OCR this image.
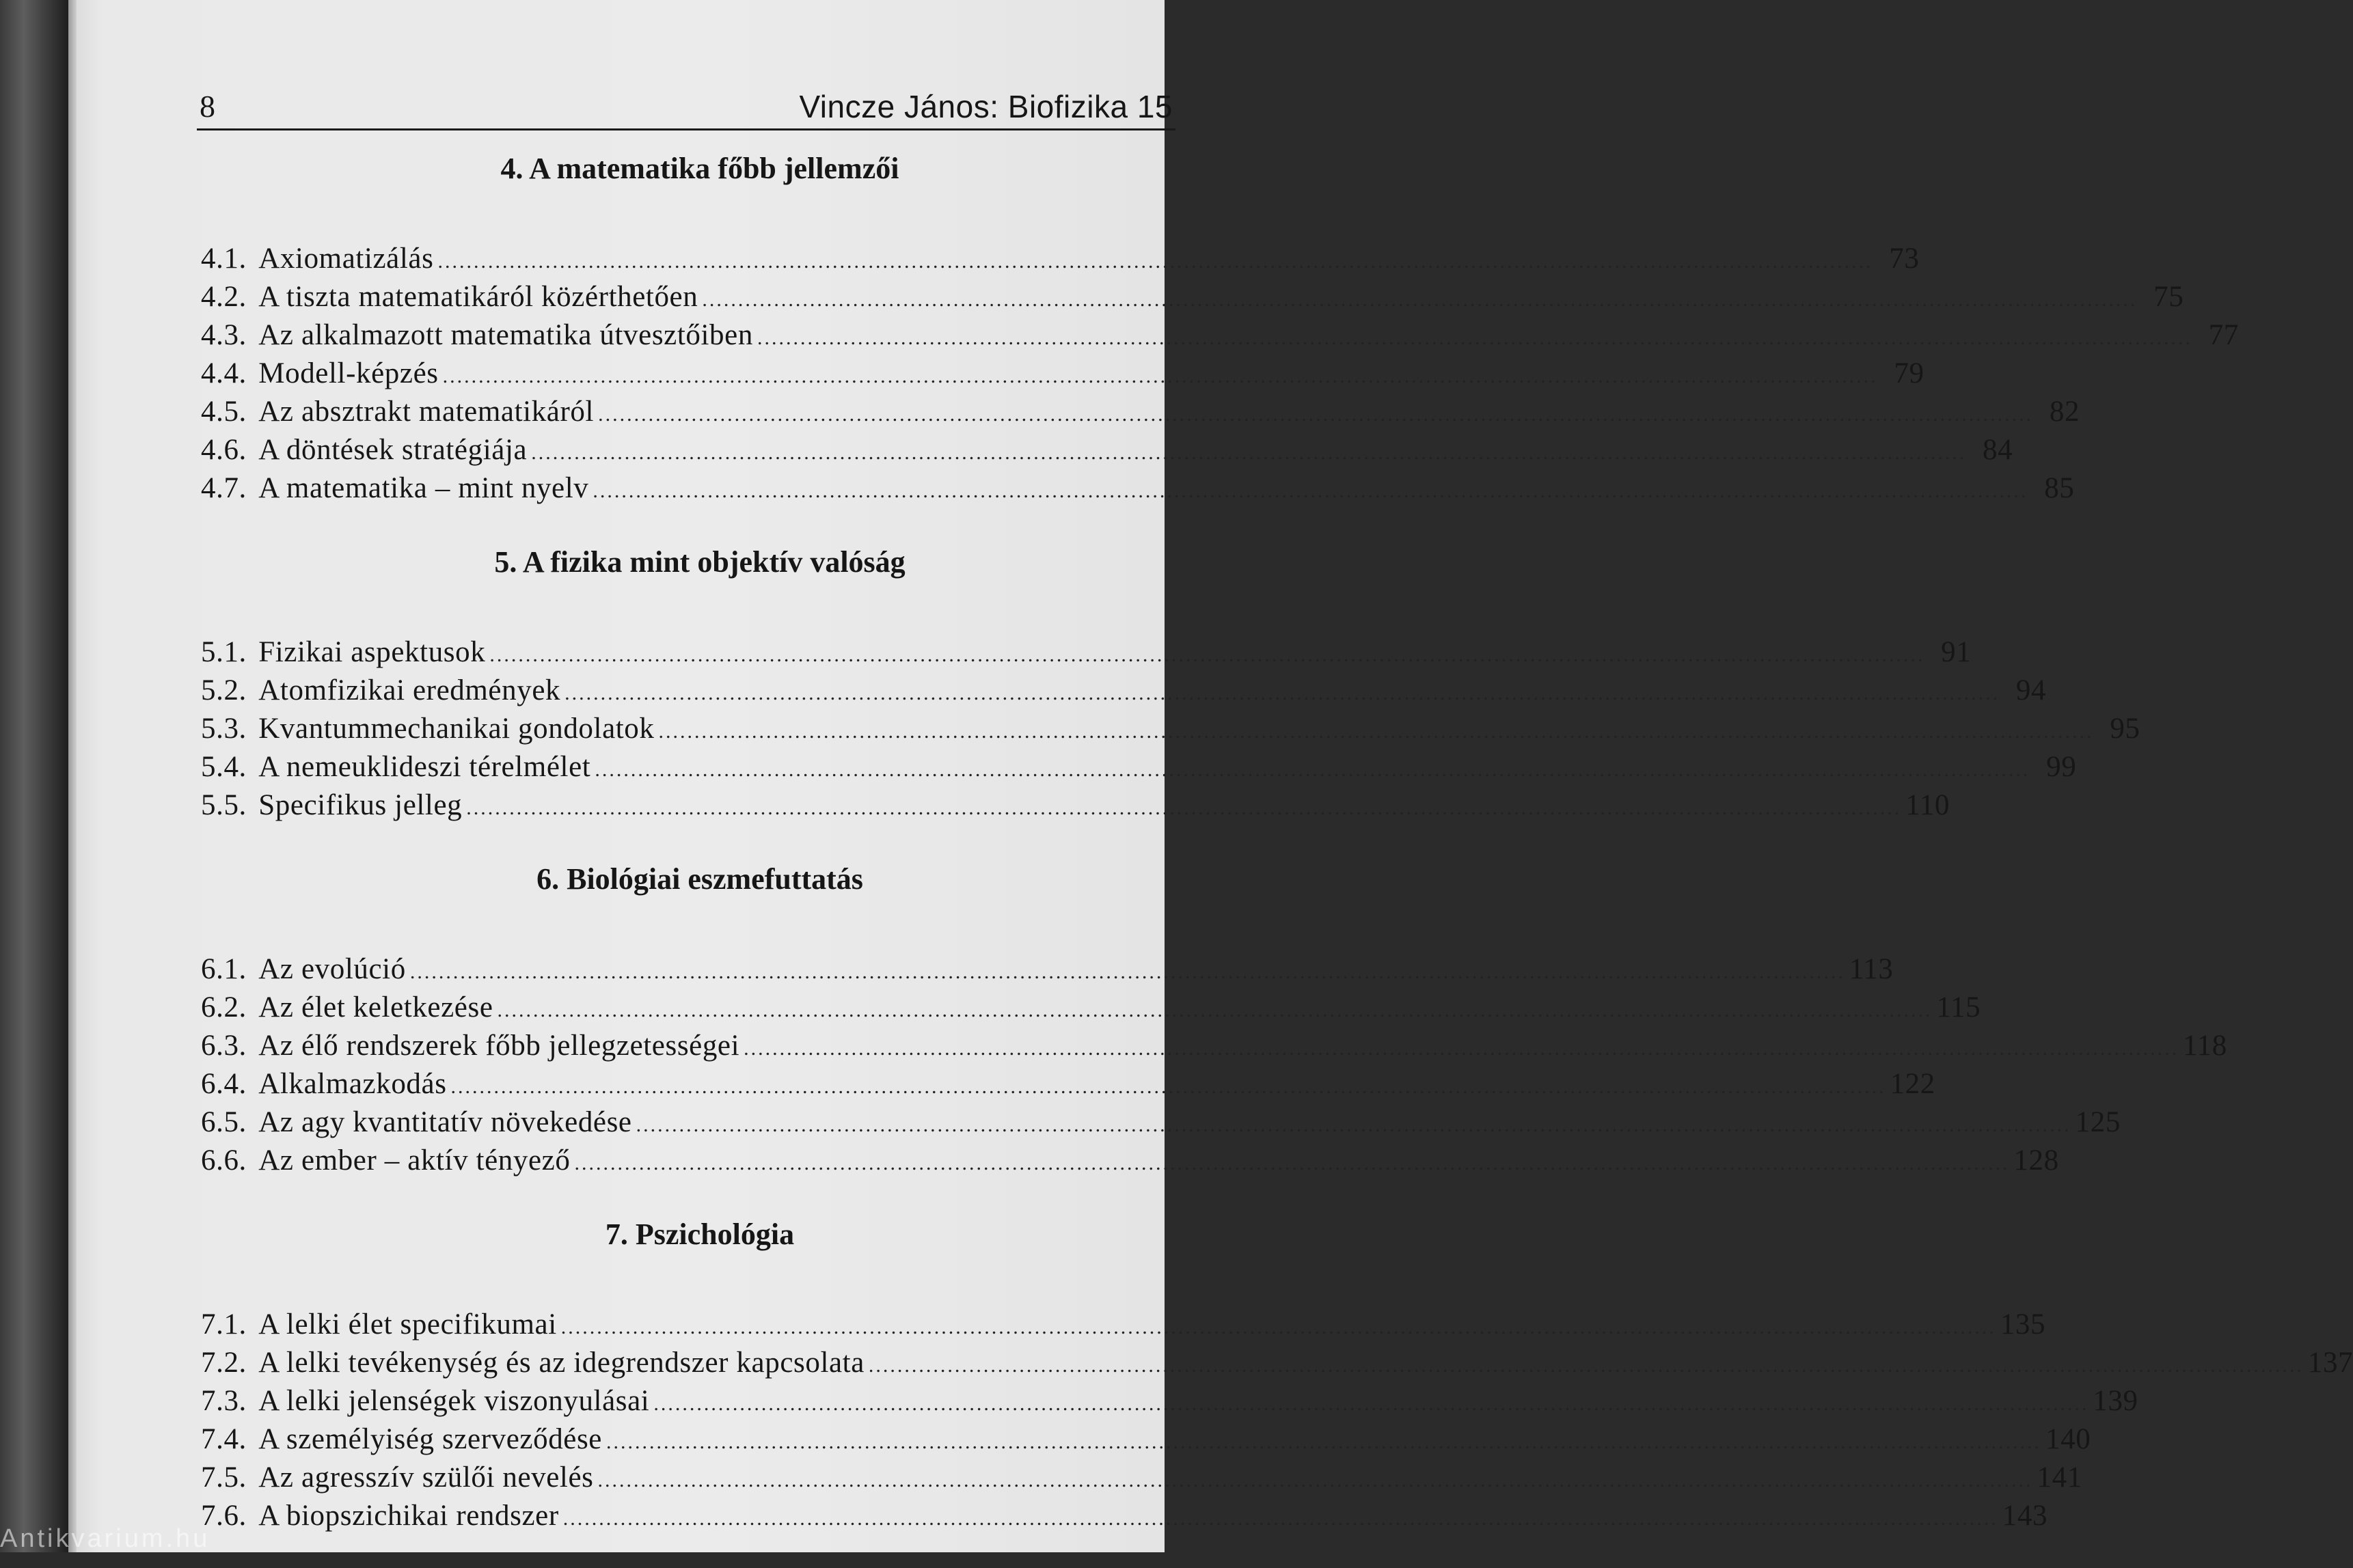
8	Vincze János: Biofizika 15
4. A matematika főbb jellemzői
4.1.
Axiomatizálás .....	73
4.2.
A tiszta matematikáról közérthetően .....	75
4.3.
Az alkalmazott matematika útvesztőiben .....	77
4.4.
Modell-képzés .....	79
4.5.
Az absztrakt matematikáról .....	82
4.6.
A döntések stratégiája .....	84
4.7.
A matematika – mint nyelv .....	85
5. A fizika mint objektív valóság
5.1.
Fizikai aspektusok .....	91
5.2.
Atomfizikai eredmények .....	94
5.3.
Kvantummechanikai gondolatok .....	95
5.4.
A nemeuklideszi térelmélet .....	99
5.5.
Specifikus jelleg .....	110
6. Biológiai eszmefuttatás
6.1.
Az evolúció .....	113
6.2.
Az élet keletkezése .....	115
6.3.
Az élő rendszerek főbb jellegzetességei .....	118
6.4.
Alkalmazkodás .....	122
6.5.
Az agy kvantitatív növekedése .....	125
6.6.
Az ember – aktív tényező .....	128
7. Pszichológia
7.1.
A lelki élet specifikumai .....	135
7.2.
A lelki tevékenység és az idegrendszer kapcsolata .....	137
7.3.
A lelki jelenségek viszonyulásai .....	139
7.4.
A személyiség szerveződése .....	140
7.5.
Az agresszív szülői nevelés .....	141
7.6.
A biopszichikai rendszer .....	143
Antikvarium.hu
